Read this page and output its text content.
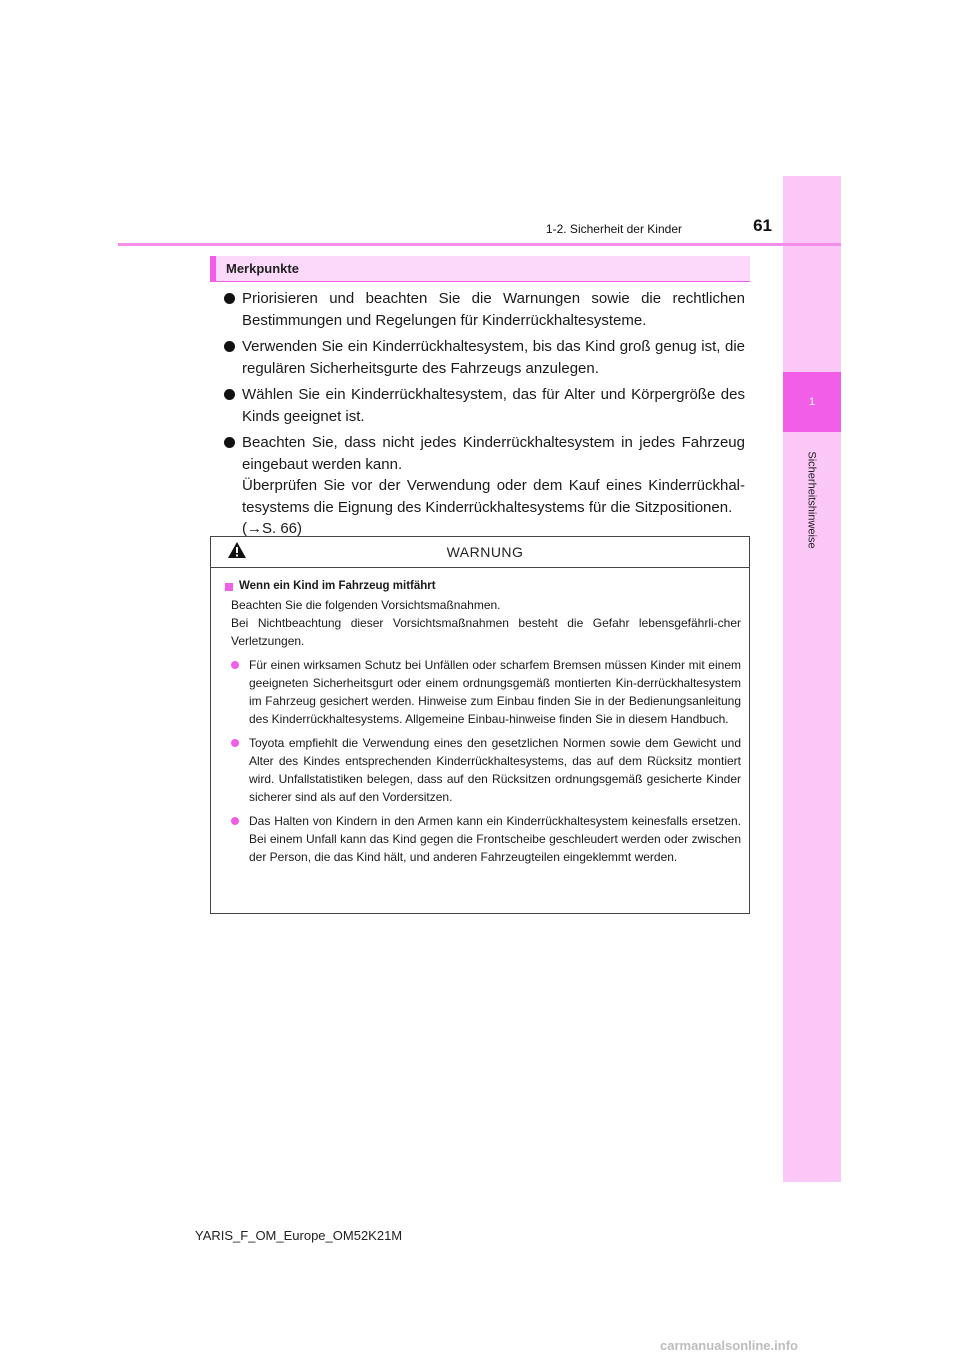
1
Sicherheitshinweise
1-2. Sicherheit der Kinder	61
Merkpunkte

Priorisieren und beachten Sie die Warnungen sowie die rechtlichen Bestimmungen und Regelungen für Kinderrückhaltesysteme.

Verwenden Sie ein Kinderrückhaltesystem, bis das Kind groß genug ist, die regulären Sicherheitsgurte des Fahrzeugs anzulegen.

Wählen Sie ein Kinderrückhaltesystem, das für Alter und Körpergröße des Kinds geeignet ist.

Beachten Sie, dass nicht jedes Kinderrückhaltesystem in jedes Fahrzeug eingebaut werden kann.

Überprüfen Sie vor der Verwendung oder dem Kauf eines Kinderrückhal-tesystems die Eignung des Kinderrückhaltesystems für die Sitzpositionen.

(→S. 66)

WARNUNG
Wenn ein Kind im Fahrzeug mitfährt

Beachten Sie die folgenden Vorsichtsmaßnahmen.
Bei Nichtbeachtung dieser Vorsichtsmaßnahmen besteht die Gefahr lebensgefährli-cher Verletzungen.

Für einen wirksamen Schutz bei Unfällen oder scharfem Bremsen müssen Kinder mit einem geeigneten Sicherheitsgurt oder einem ordnungsgemäß montierten Kin-derrückhaltesystem im Fahrzeug gesichert werden. Hinweise zum Einbau finden Sie in der Bedienungsanleitung des Kinderrückhaltesystems. Allgemeine Einbau-hinweise finden Sie in diesem Handbuch.

Toyota empfiehlt die Verwendung eines den gesetzlichen Normen sowie dem Gewicht und Alter des Kindes entsprechenden Kinderrückhaltesystems, das auf dem Rücksitz montiert wird. Unfallstatistiken belegen, dass auf den Rücksitzen ordnungsgemäß gesicherte Kinder sicherer sind als auf den Vordersitzen.

Das Halten von Kindern in den Armen kann ein Kinderrückhaltesystem keinesfalls ersetzen. Bei einem Unfall kann das Kind gegen die Frontscheibe geschleudert werden oder zwischen der Person, die das Kind hält, und anderen Fahrzeugteilen eingeklemmt werden.

YARIS_F_OM_Europe_OM52K21M
carmanualsonline.info
